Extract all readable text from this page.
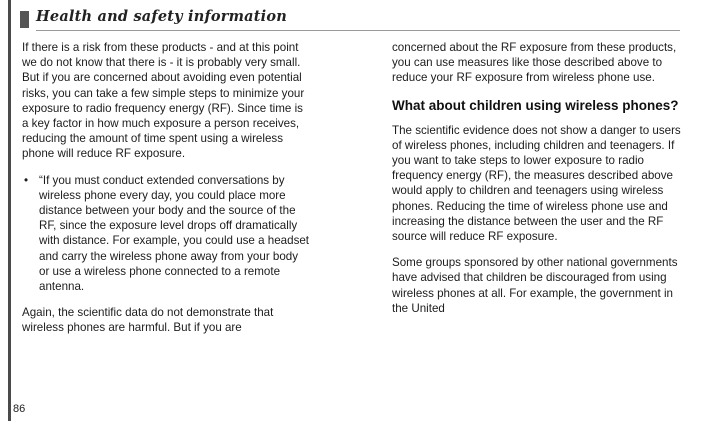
Health and safety information

If there is a risk from these products - and at this point we do not know that there is - it is probably very small. But if you are concerned about avoiding even potential risks, you can take a few simple steps to minimize your exposure to radio frequency energy (RF). Since time is a key factor in how much exposure a person receives, reducing the amount of time spent using a wireless phone will reduce RF exposure.

• “If you must conduct extended conversations by wireless phone every day, you could place more distance between your body and the source of the RF, since the exposure level drops off dramatically with distance. For example, you could use a headset and carry the wireless phone away from your body or use a wireless phone connected to a remote antenna.

Again, the scientific data do not demonstrate that wireless phones are harmful. But if you are

concerned about the RF exposure from these products, you can use measures like those described above to reduce your RF exposure from wireless phone use.

What about children using wireless phones?

The scientific evidence does not show a danger to users of wireless phones, including children and teenagers. If you want to take steps to lower exposure to radio frequency energy (RF), the measures described above would apply to children and teenagers using wireless phones. Reducing the time of wireless phone use and increasing the distance between the user and the RF source will reduce RF exposure.

Some groups sponsored by other national governments have advised that children be discouraged from using wireless phones at all. For example, the government in the United

86
